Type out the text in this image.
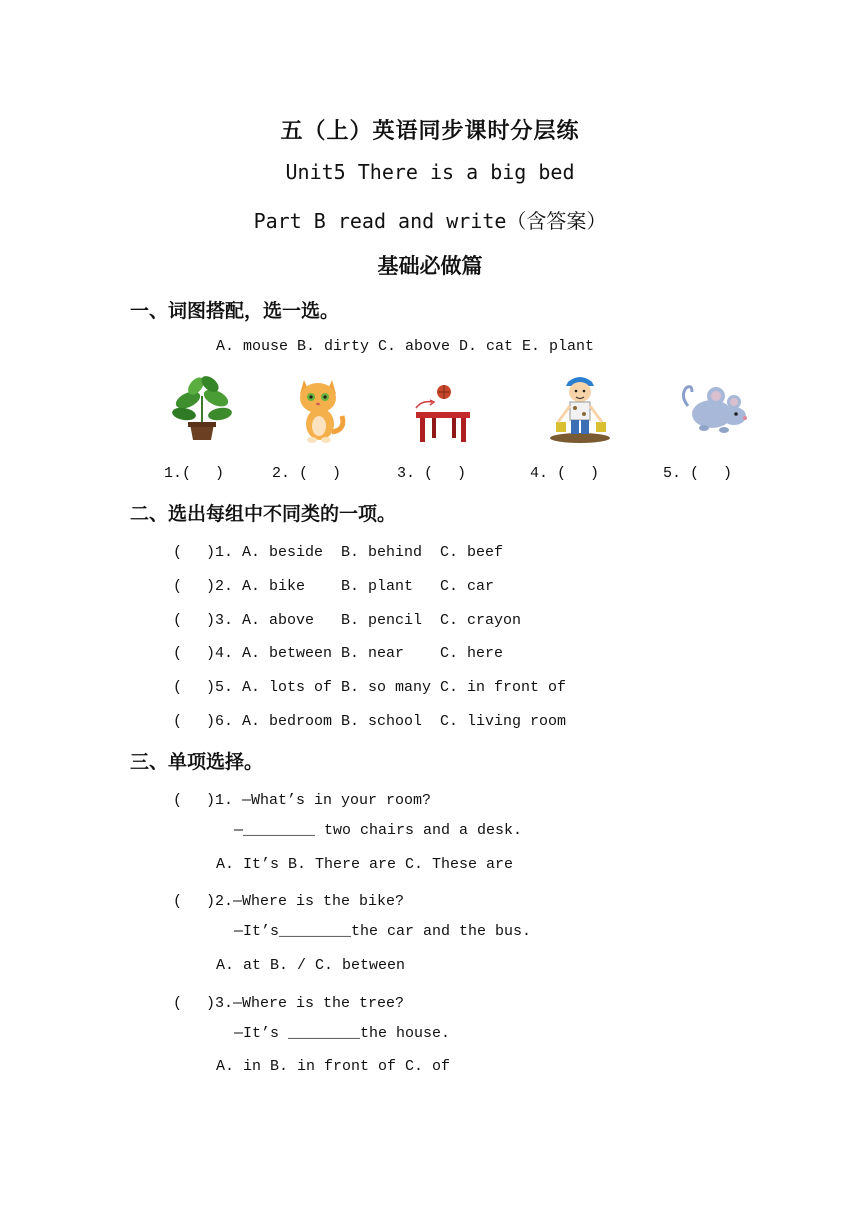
五（上）英语同步课时分层练
Unit5 There is a big bed
Part B read and write（含答案）
基础必做篇
一、词图搭配，选一选。
A. mouse B. dirty C. above D. cat E. plant
1.(　 )	2. ( 　)	3. ( 　)	4. ( 　)	5. ( 　)
二、选出每组中不同类的一项。
(　 )1. A. beside  B. behind  C. beef
(　 )2. A. bike    B. plant   C. car
(　 )3. A. above   B. pencil  C. crayon
(　 )4. A. between B. near    C. here
(　 )5. A. lots of B. so many C. in front of
(　 )6. A. bedroom B. school  C. living room
三、单项选择。
(　 )1. —What’s in your room?
—________ two chairs and a desk.
A. It’s B. There are C. These are
(　 )2.—Where is the bike?
—It’s________the car and the bus.
A. at B. / C. between
(　 )3.—Where is the tree?
—It’s ________the house.
A. in B. in front of C. of
